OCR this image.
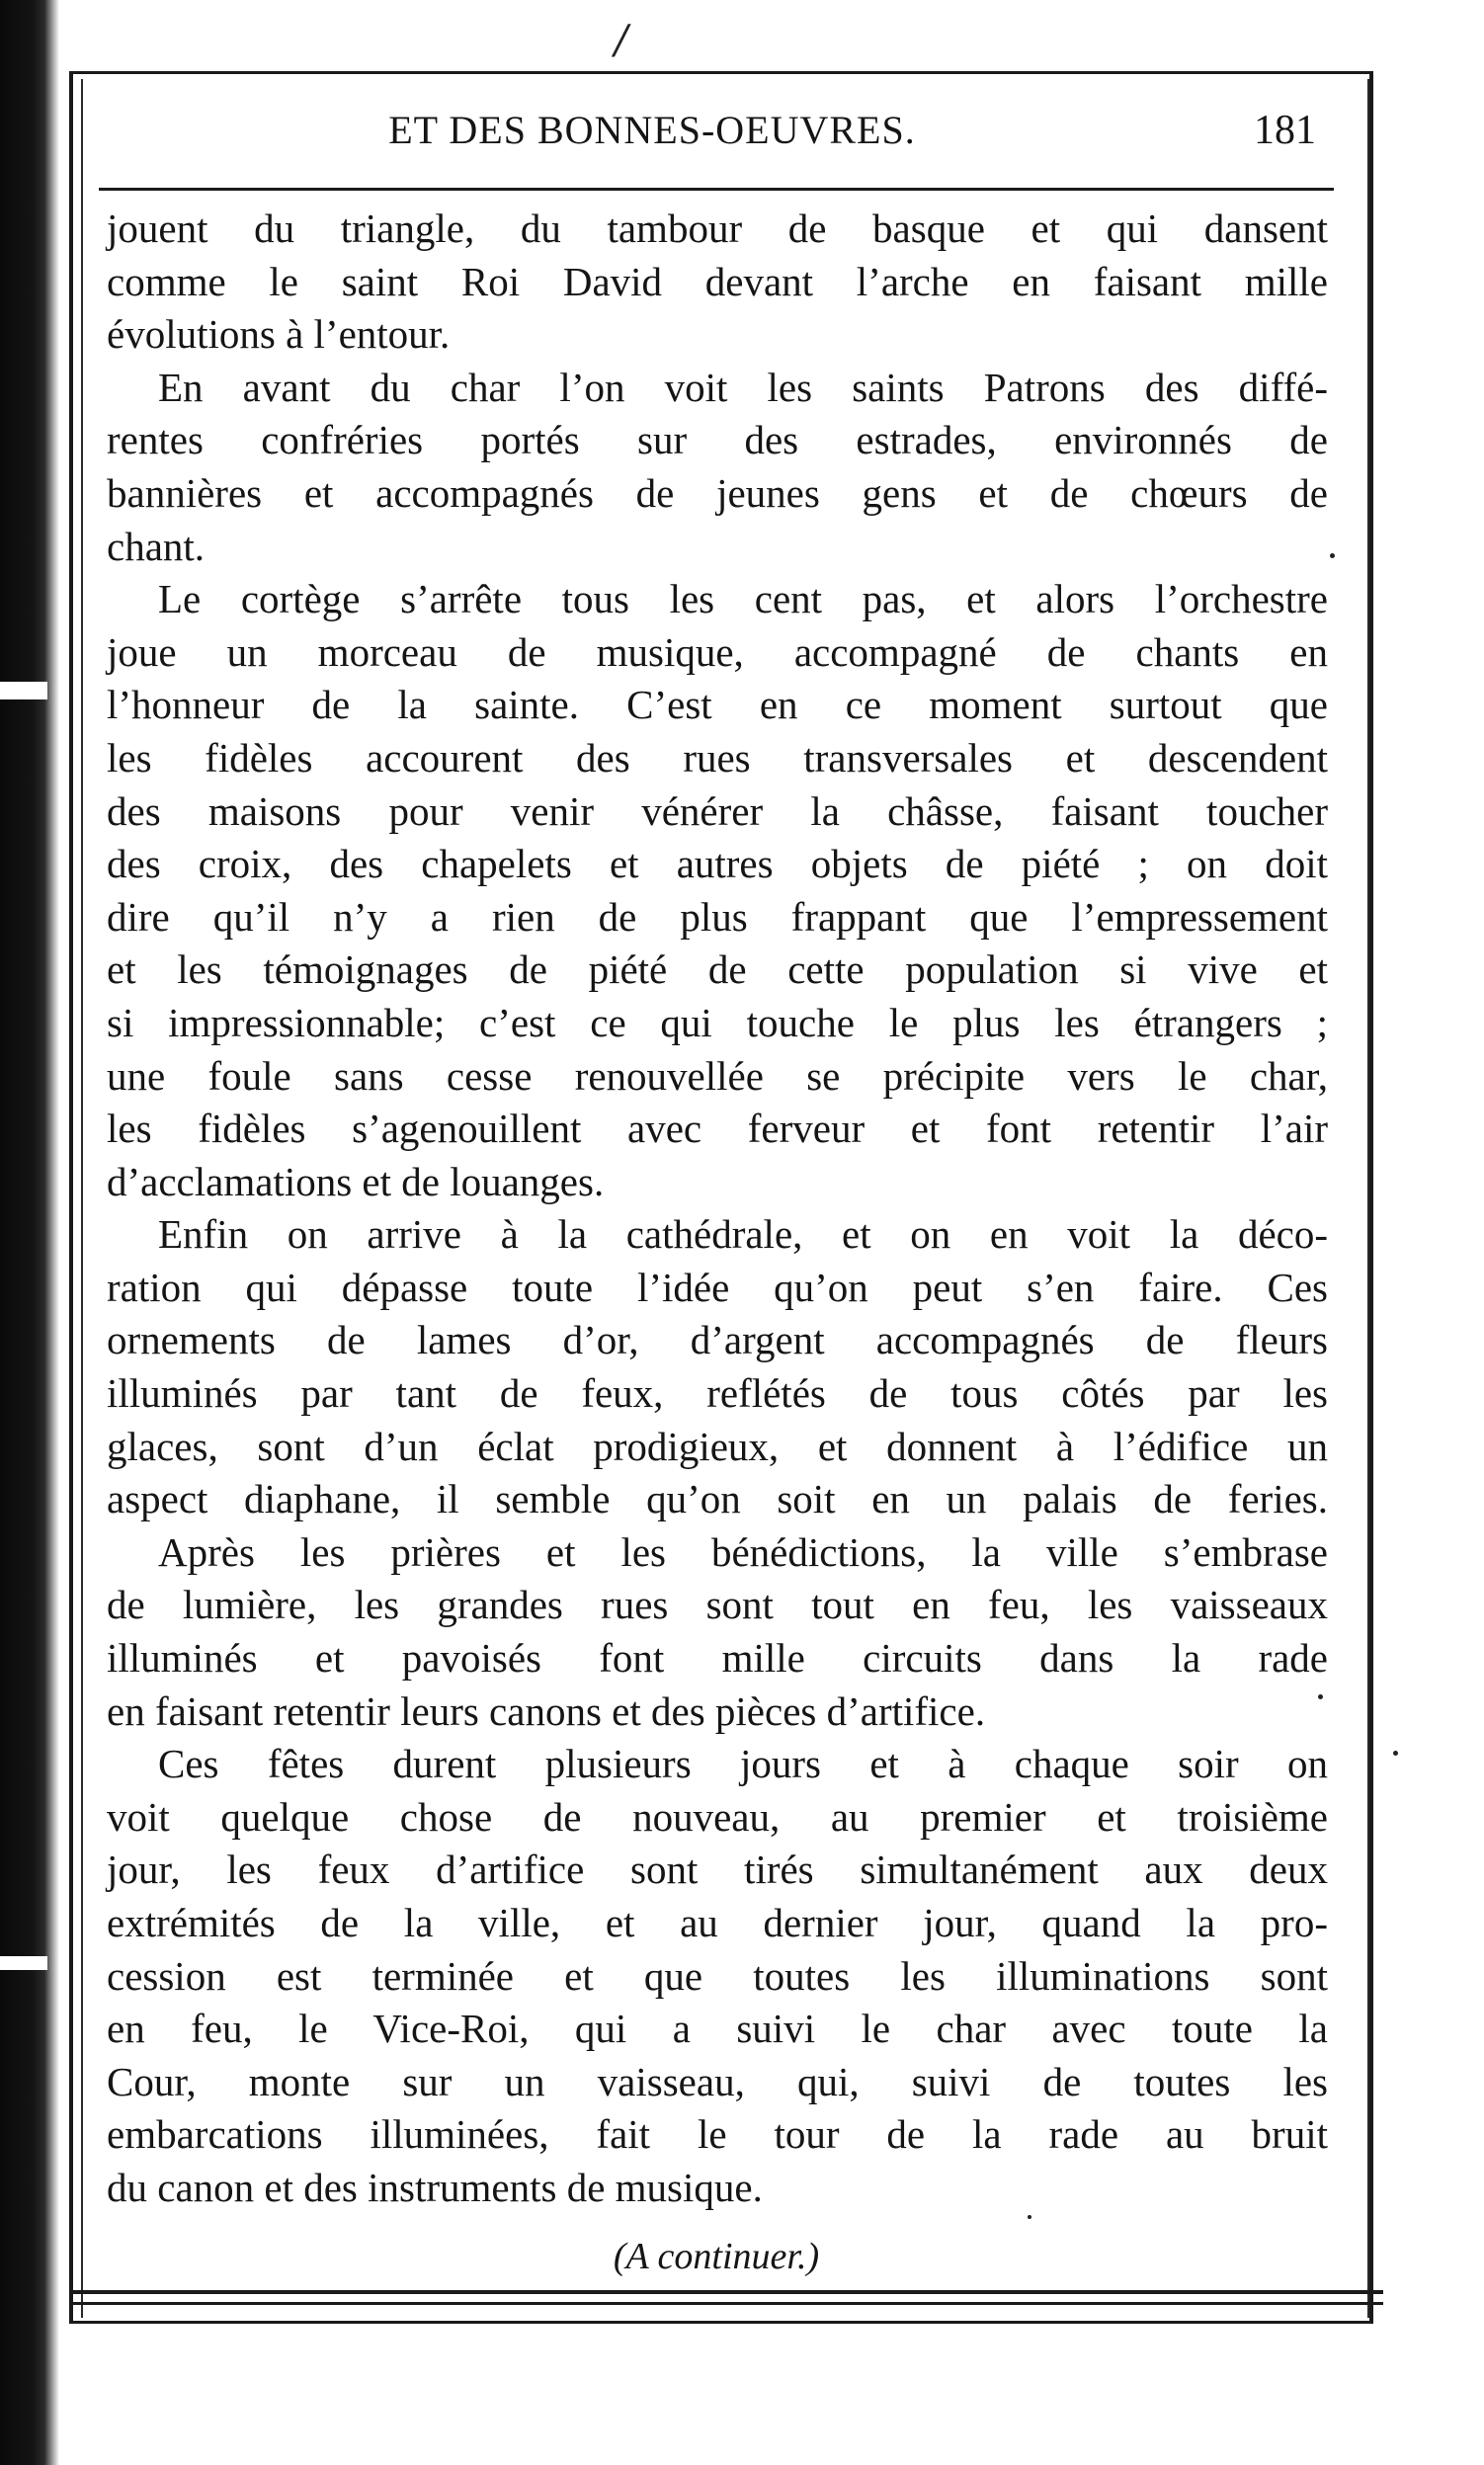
/
ET DES BONNES-OEUVRES.	181
jouent du triangle, du tambour de basque et qui dansent
comme le saint Roi David devant l’arche en faisant mille
évolutions à l’entour.
En avant du char l’on voit les saints Patrons des diffé-
rentes confréries portés sur des estrades, environnés de
bannières et accompagnés de jeunes gens et de chœurs de
chant.
Le cortège s’arrête tous les cent pas, et alors l’orchestre
joue un morceau de musique, accompagné de chants en
l’honneur de la sainte. C’est en ce moment surtout que
les fidèles accourent des rues transversales et descendent
des maisons pour venir vénérer la châsse, faisant toucher
des croix, des chapelets et autres objets de piété ; on doit
dire qu’il n’y a rien de plus frappant que l’empressement
et les témoignages de piété de cette population si vive et
si impressionnable; c’est ce qui touche le plus les étrangers ;
une foule sans cesse renouvellée se précipite vers le char,
les fidèles s’agenouillent avec ferveur et font retentir l’air
d’acclamations et de louanges.
Enfin on arrive à la cathédrale, et on en voit la déco-
ration qui dépasse toute l’idée qu’on peut s’en faire. Ces
ornements de lames d’or, d’argent accompagnés de fleurs
illuminés par tant de feux, reflétés de tous côtés par les
glaces, sont d’un éclat prodigieux, et donnent à l’édifice un
aspect diaphane, il semble qu’on soit en un palais de feries.
Après les prières et les bénédictions, la ville s’embrase
de lumière, les grandes rues sont tout en feu, les vaisseaux
illuminés et pavoisés font mille circuits dans la rade
en faisant retentir leurs canons et des pièces d’artifice.
Ces fêtes durent plusieurs jours et à chaque soir on
voit quelque chose de nouveau, au premier et troisième
jour, les feux d’artifice sont tirés simultanément aux deux
extrémités de la ville, et au dernier jour, quand la pro-
cession est terminée et que toutes les illuminations sont
en feu, le Vice-Roi, qui a suivi le char avec toute la
Cour, monte sur un vaisseau, qui, suivi de toutes les
embarcations illuminées, fait le tour de la rade au bruit
du canon et des instruments de musique.
(A continuer.)
